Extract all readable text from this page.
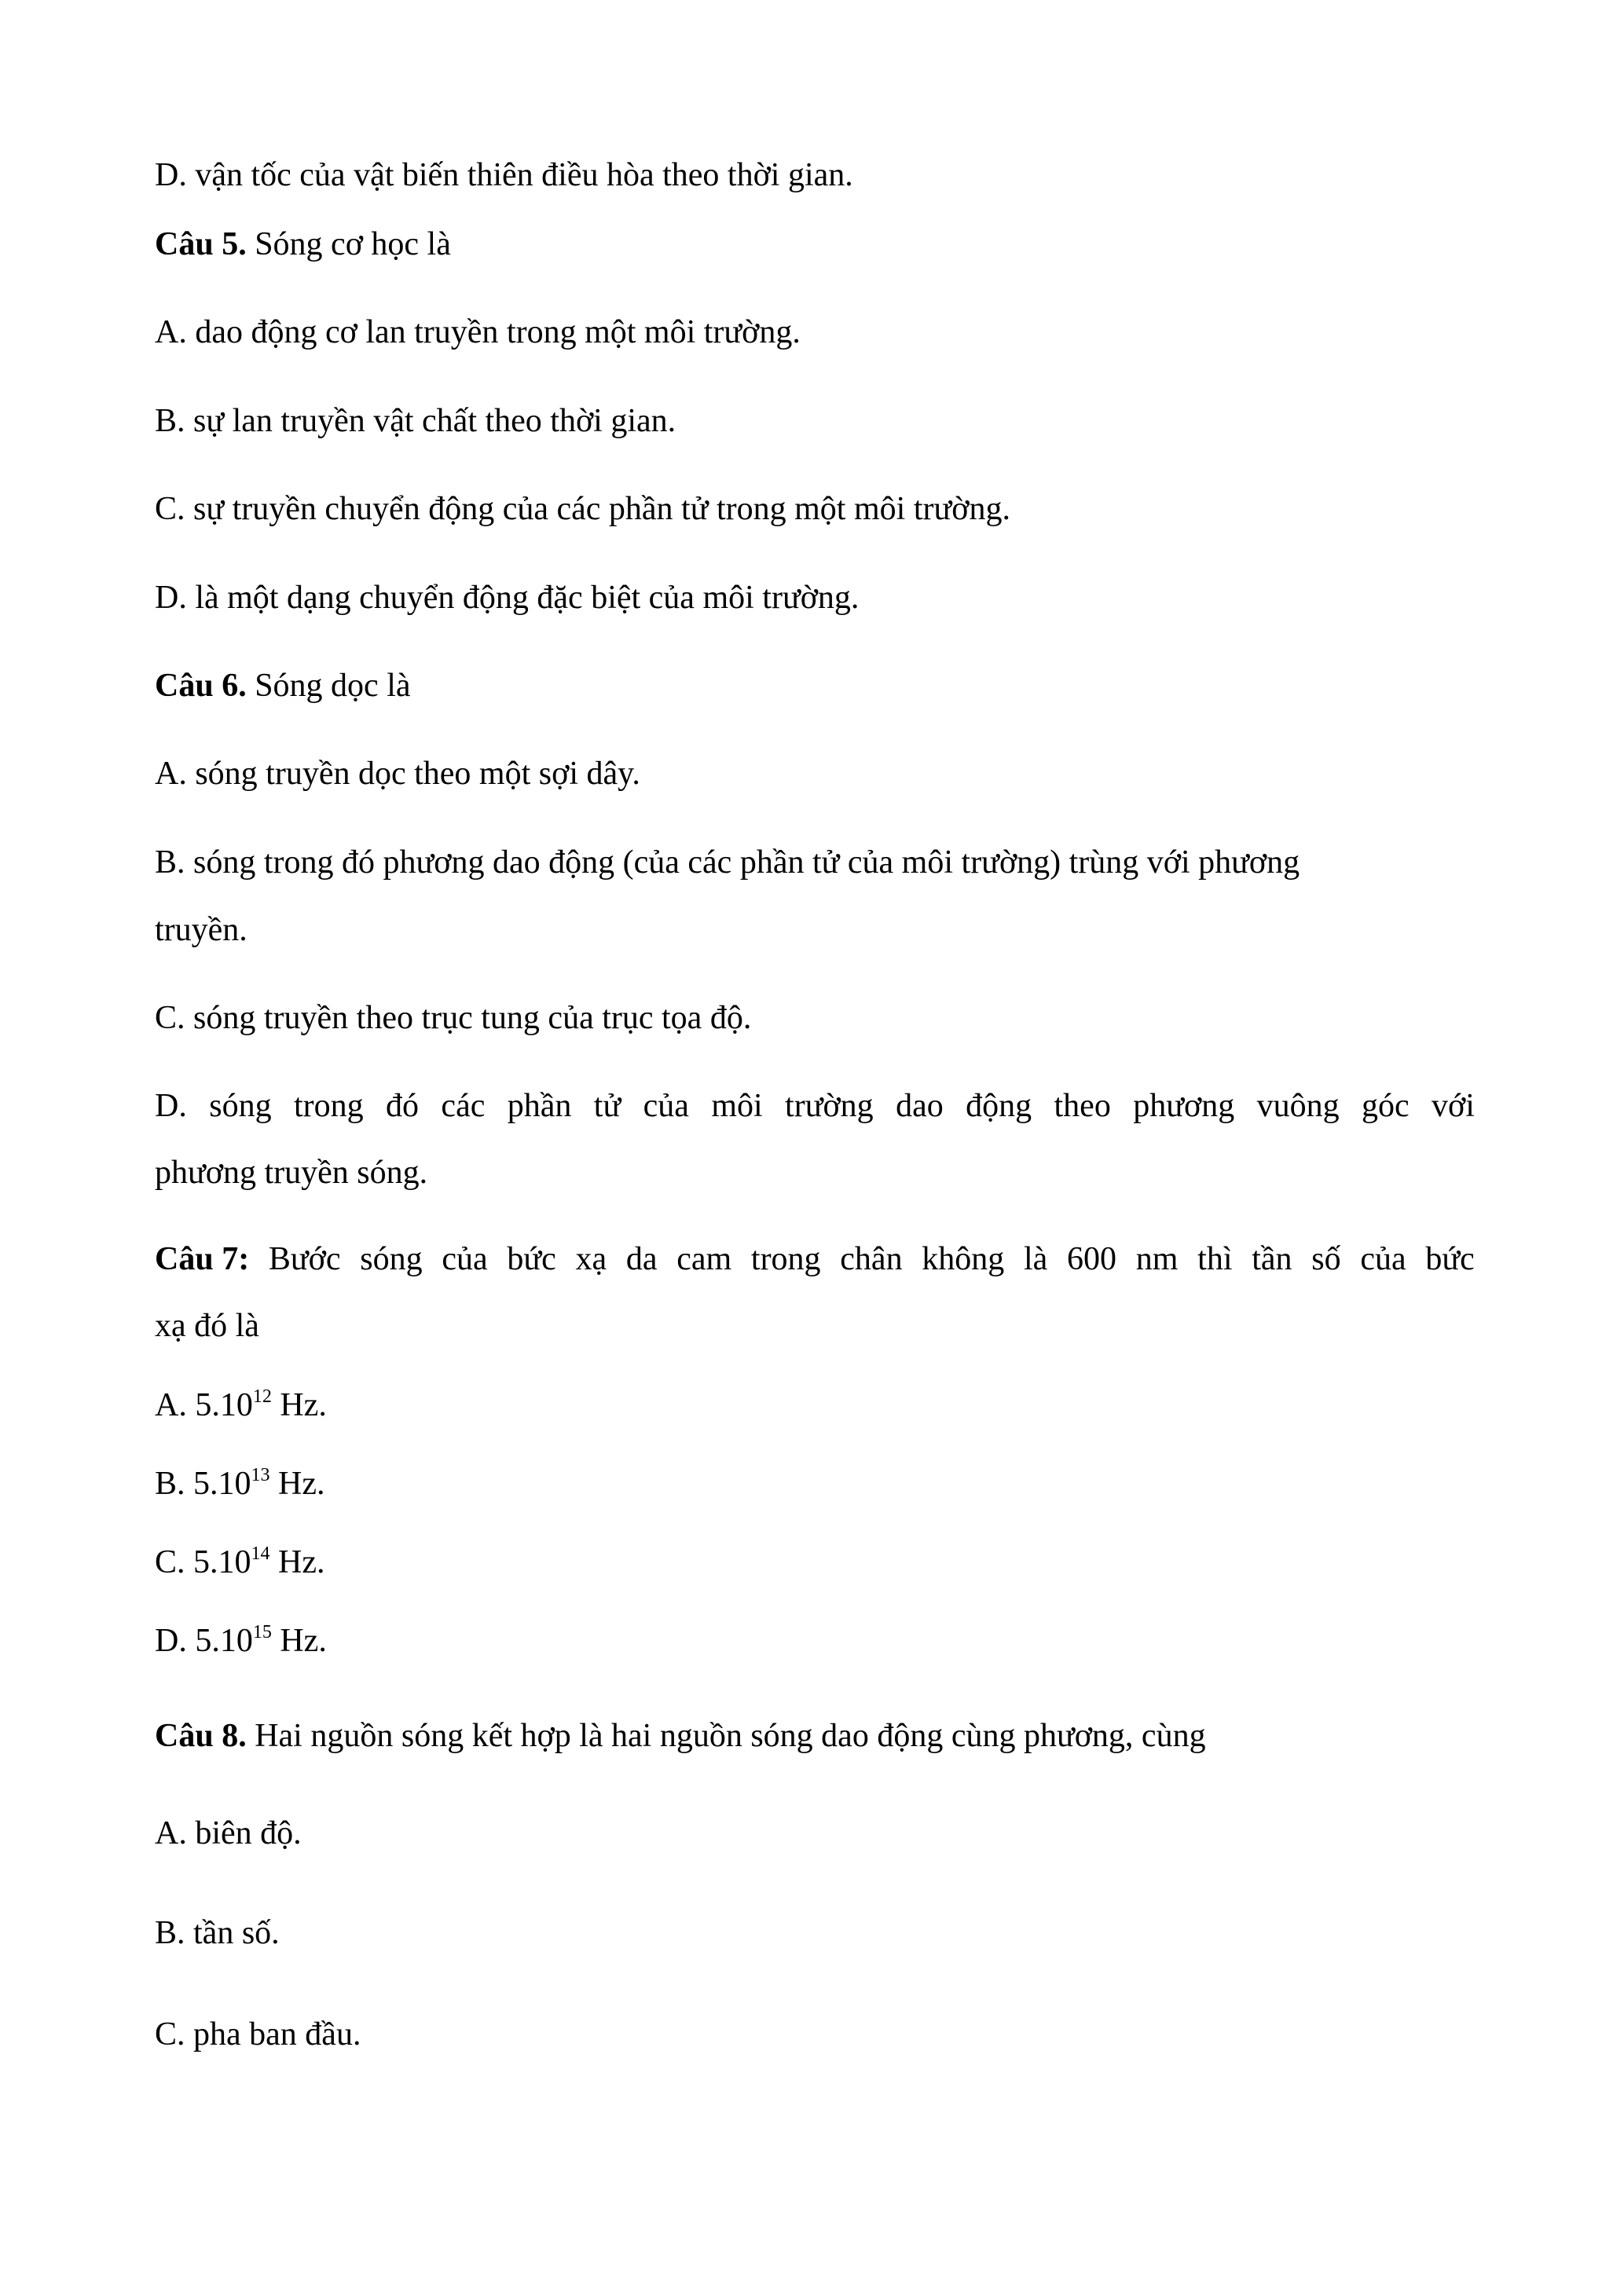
D. vận tốc của vật biến thiên điều hòa theo thời gian.
Câu 5. Sóng cơ học là
A. dao động cơ lan truyền trong một môi trường.
B. sự lan truyền vật chất theo thời gian.
C. sự truyền chuyển động của các phần tử trong một môi trường.
D. là một dạng chuyển động đặc biệt của môi trường.
Câu 6. Sóng dọc là
A. sóng truyền dọc theo một sợi dây.
B. sóng trong đó phương dao động (của các phần tử của môi trường) trùng với phương
truyền.
C. sóng truyền theo trục tung của trục tọa độ.
D. sóng trong đó các phần tử của môi trường dao động theo phương vuông góc với
phương truyền sóng.
Câu 7: Bước sóng của bức xạ da cam trong chân không là 600 nm thì tần số của bức
xạ đó là
A. 5.10$^{12}$ Hz.
B. 5.10$^{13}$ Hz.
C. 5.10$^{14}$ Hz.
D. 5.10$^{15}$ Hz.
Câu 8. Hai nguồn sóng kết hợp là hai nguồn sóng dao động cùng phương, cùng
A. biên độ.
B. tần số.
C. pha ban đầu.
